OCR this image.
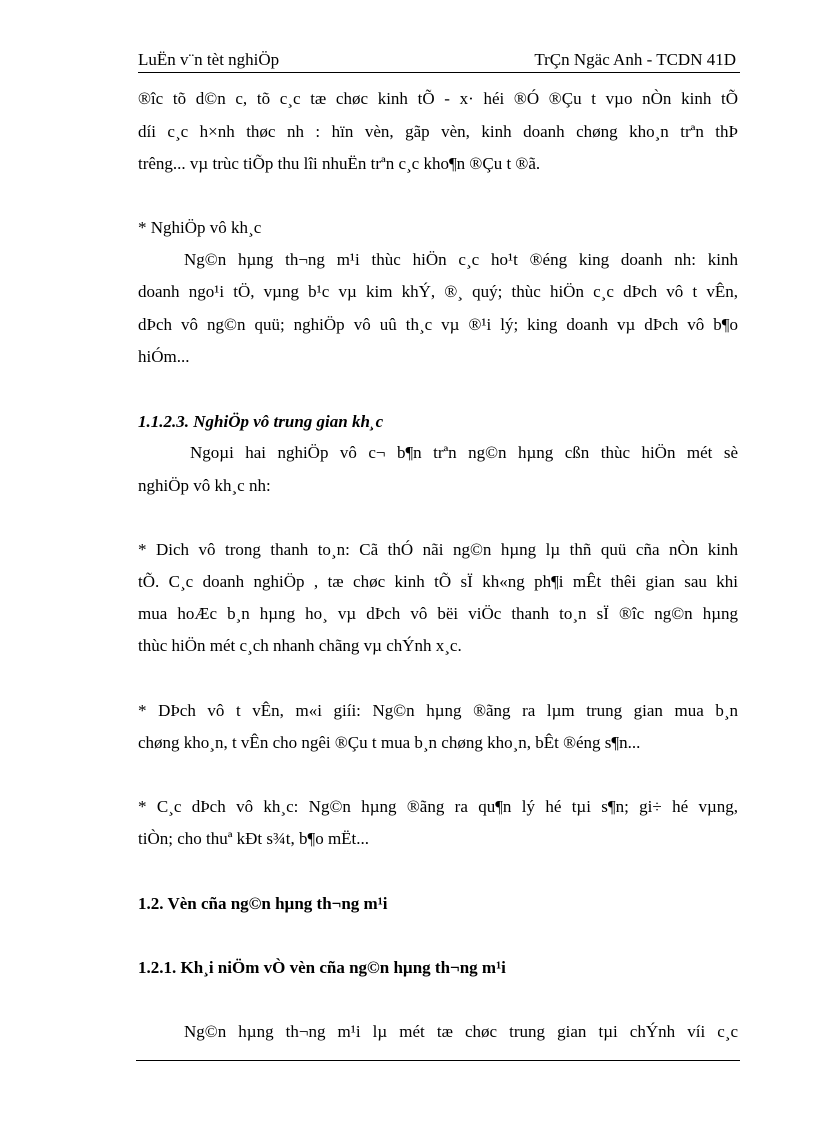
LuËn v¨n tèt nghiÖp	TrÇn Ngäc Anh - TCDN 41D
®îc tõ d©n c, tõ c¸c tæ chøc kinh tÕ - x· héi ®Ó ®Çu t vµo nÒn kinh tÕ
díi c¸c h×nh thøc nh : hïn vèn, gãp vèn, kinh doanh chøng kho¸n trªn thÞ
trêng... vµ trùc tiÕp thu lîi nhuËn trªn c¸c kho¶n ®Çu t ®ã.
* NghiÖp vô kh¸c
Ng©n hµng th¬ng m¹i thùc hiÖn c¸c ho¹t ®éng king doanh nh: kinh
doanh ngo¹i tÖ, vµng b¹c vµ kim khÝ, ®¸ quý; thùc hiÖn c¸c dÞch vô t vÊn,
dÞch vô ng©n quü; nghiÖp vô uû th¸c vµ ®¹i lý; king doanh vµ dÞch vô b¶o
hiÓm...
1.1.2.3. NghiÖp vô trung gian kh¸c
Ngoµi hai nghiÖp vô c¬ b¶n trªn ng©n hµng cßn thùc hiÖn mét sè
nghiÖp vô kh¸c nh:
* Dich vô trong thanh to¸n: Cã thÓ nãi ng©n hµng lµ thñ quü cña nÒn kinh
tÕ. C¸c doanh nghiÖp , tæ chøc kinh tÕ sÏ kh«ng ph¶i mÊt thêi gian sau khi
mua hoÆc b¸n hµng ho¸ vµ dÞch vô bëi viÖc thanh to¸n sÏ ®îc ng©n hµng
thùc hiÖn mét c¸ch nhanh chãng vµ chÝnh x¸c.
* DÞch vô t vÊn, m«i giíi: Ng©n hµng ®ãng ra lµm trung gian mua b¸n
chøng kho¸n, t vÊn cho ngêi ®Çu t mua b¸n chøng kho¸n, bÊt ®éng s¶n...
* C¸c dÞch vô kh¸c: Ng©n hµng ®ãng ra qu¶n lý hé tµi s¶n; gi÷ hé vµng,
tiÒn; cho thuª kÐt s¾t, b¶o mËt...
1.2. Vèn cña ng©n hµng th¬ng m¹i
1.2.1. Kh¸i niÖm vÒ vèn cña ng©n hµng th¬ng m¹i
Ng©n hµng th¬ng m¹i lµ mét tæ chøc trung gian tµi chÝnh víi c¸c
